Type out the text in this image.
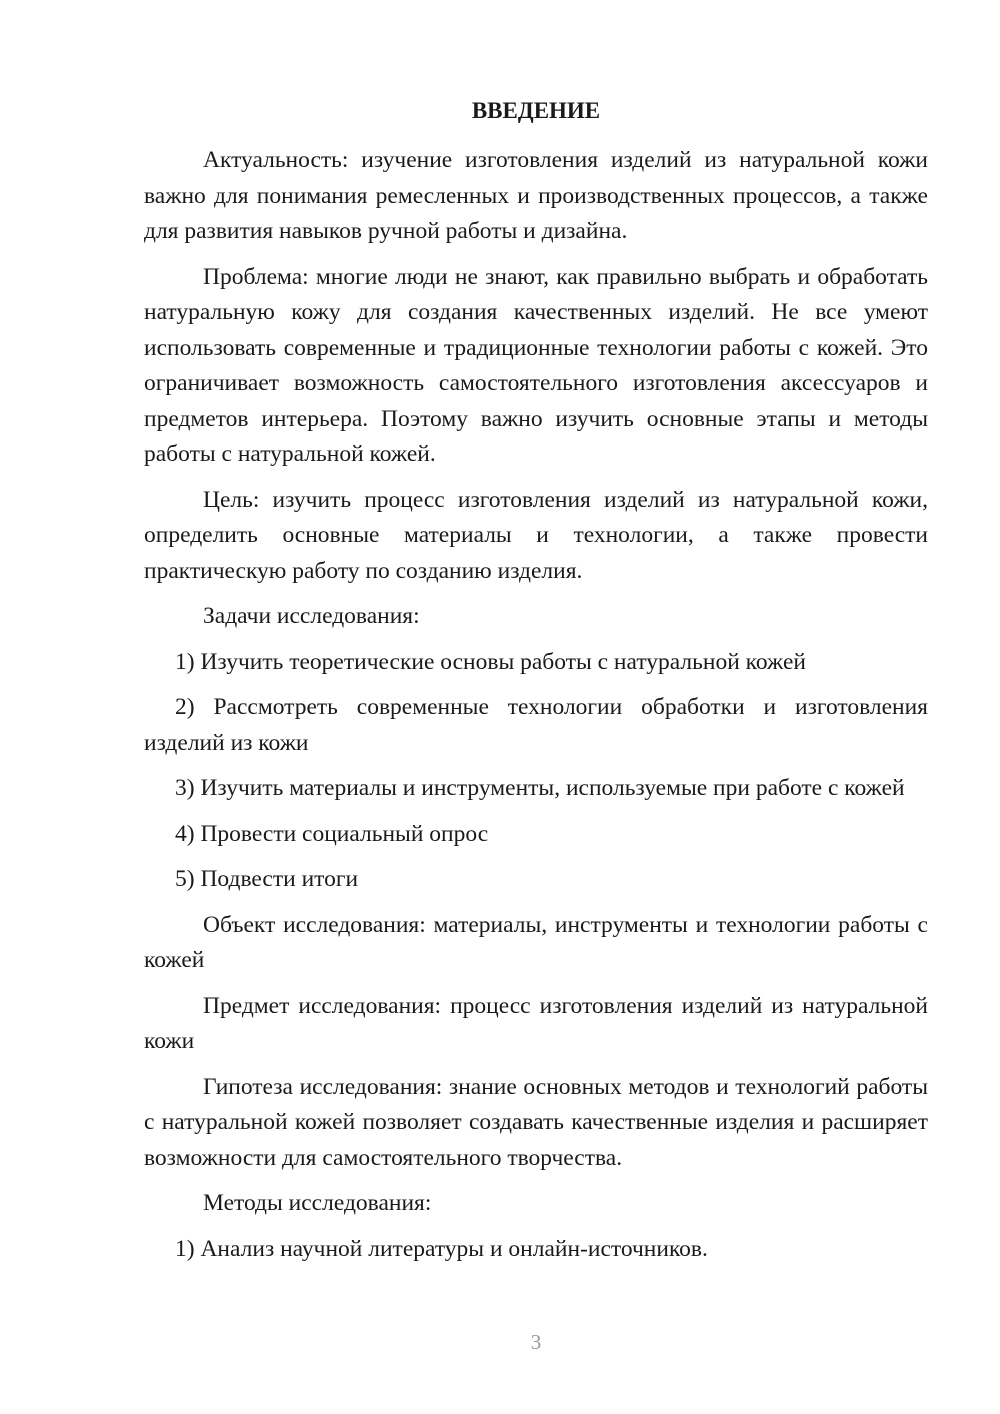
ВВЕДЕНИЕ

Актуальность: изучение изготовления изделий из натуральной кожи важно для понимания ремесленных и производственных процессов, а также для развития навыков ручной работы и дизайна.

Проблема: многие люди не знают, как правильно выбрать и обработать натуральную кожу для создания качественных изделий. Не все умеют использовать современные и традиционные технологии работы с кожей. Это ограничивает возможность самостоятельного изготовления аксессуаров и предметов интерьера. Поэтому важно изучить основные этапы и методы работы с натуральной кожей.

Цель: изучить процесс изготовления изделий из натуральной кожи, определить основные материалы и технологии, а также провести практическую работу по созданию изделия.

Задачи исследования:

1) Изучить теоретические основы работы с натуральной кожей

2) Рассмотреть современные технологии обработки и изготовления изделий из кожи

3) Изучить материалы и инструменты, используемые при работе с кожей

4) Провести социальный опрос

5) Подвести итоги

Объект исследования: материалы, инструменты и технологии работы с кожей

Предмет исследования: процесс изготовления изделий из натуральной кожи

Гипотеза исследования: знание основных методов и технологий работы с натуральной кожей позволяет создавать качественные изделия и расширяет возможности для самостоятельного творчества.

Методы исследования:

1) Анализ научной литературы и онлайн-источников.

3
